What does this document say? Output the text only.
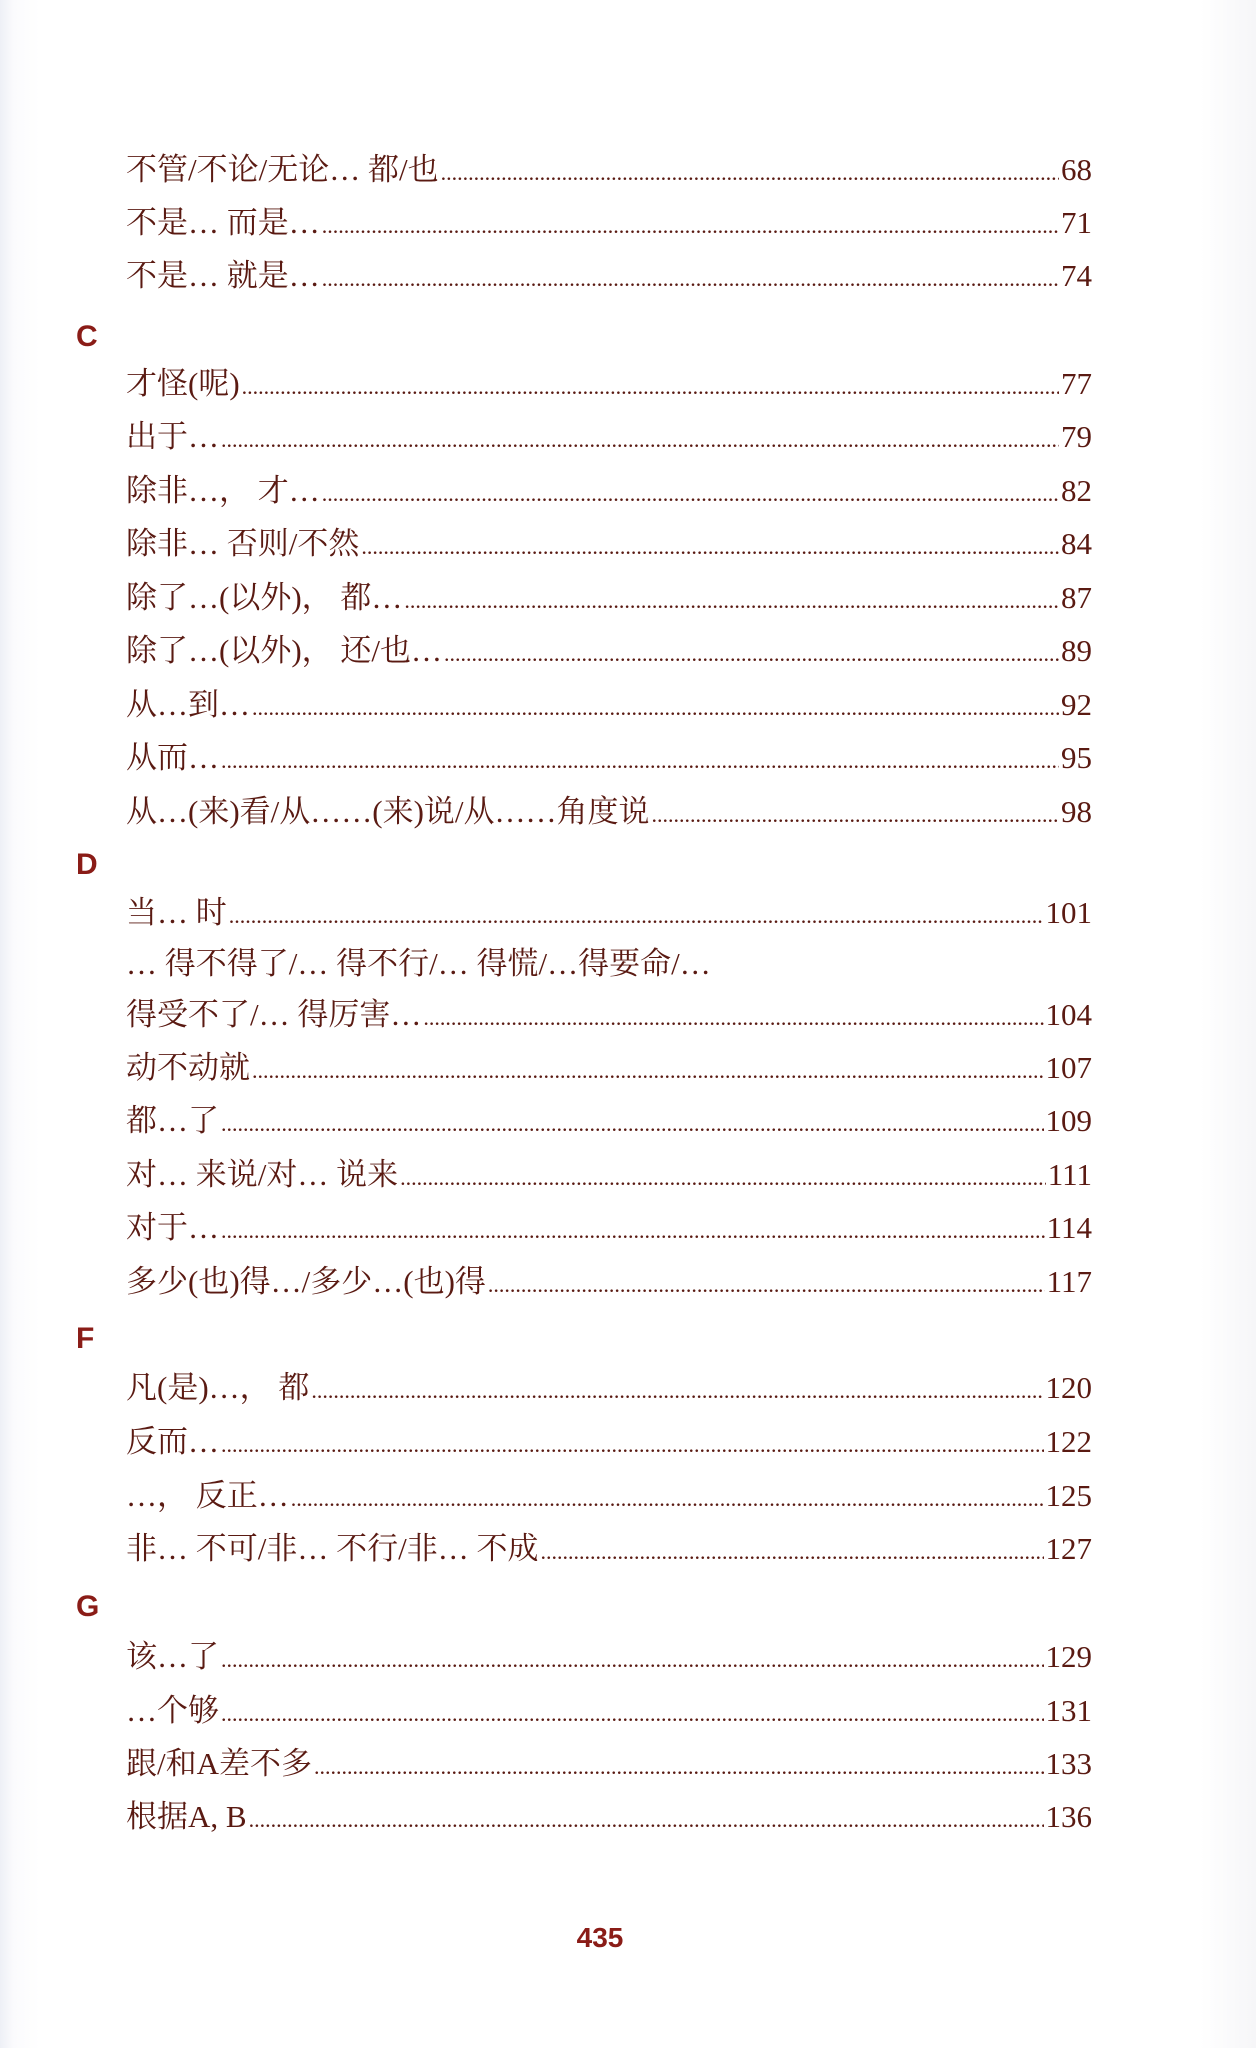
不管/不论/无论… 都/也 .....	68
不是… 而是… .....	71
不是… 就是… .....	74
C
才怪(呢) .....	77
出于… .....	79
除非…， 才… .....	82
除非… 否则/不然 .....	84
除了…(以外)， 都… .....	87
除了…(以外)， 还/也… .....	89
从…到… .....	92
从而… .....	95
从…(来)看/从……(来)说/从……角度说 .....	98
D
当… 时 .....	101
… 得不得了/… 得不行/… 得慌/…得要命/…
得受不了/… 得厉害… .....	104
动不动就 .....	107
都…了 .....	109
对… 来说/对… 说来 .....	111
对于… .....	114
多少(也)得…/多少…(也)得 .....	117
F
凡(是)…， 都 .....	120
反而… .....	122
…， 反正… .....	125
非… 不可/非… 不行/非… 不成 .....	127
G
该…了 .....	129
…个够 .....	131
跟/和A差不多 .....	133
根据A, B .....	136
435
